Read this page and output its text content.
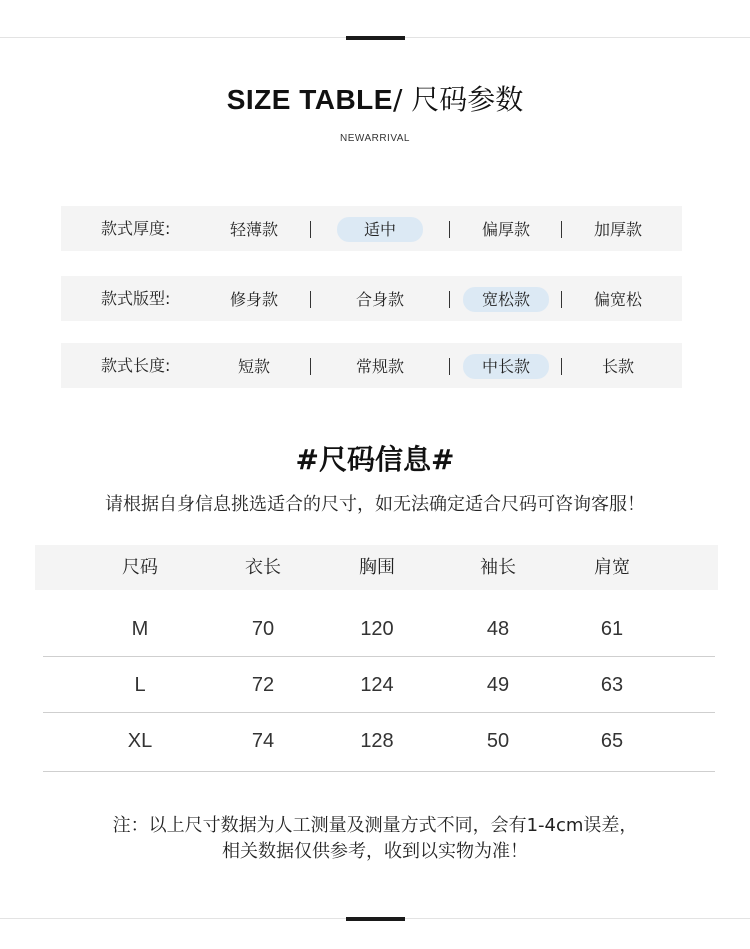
SIZE TABLE/ 尺码参数
NEWARRIVAL
款式厚度:	轻薄款	适中	偏厚款	加厚款
款式版型:	修身款	合身款	宽松款	偏宽松
款式长度:	短款	常规款	中长款	长款
#尺码信息#
请根据自身信息挑选适合的尺寸，如无法确定适合尺码可咨询客服！
尺码	衣长	胸围	袖长	肩宽
M	70	120	48	61
L	72	124	49	63
XL	74	128	50	65
注：以上尺寸数据为人工测量及测量方式不同，会有1-4cm误差，
相关数据仅供参考，收到以实物为准！
